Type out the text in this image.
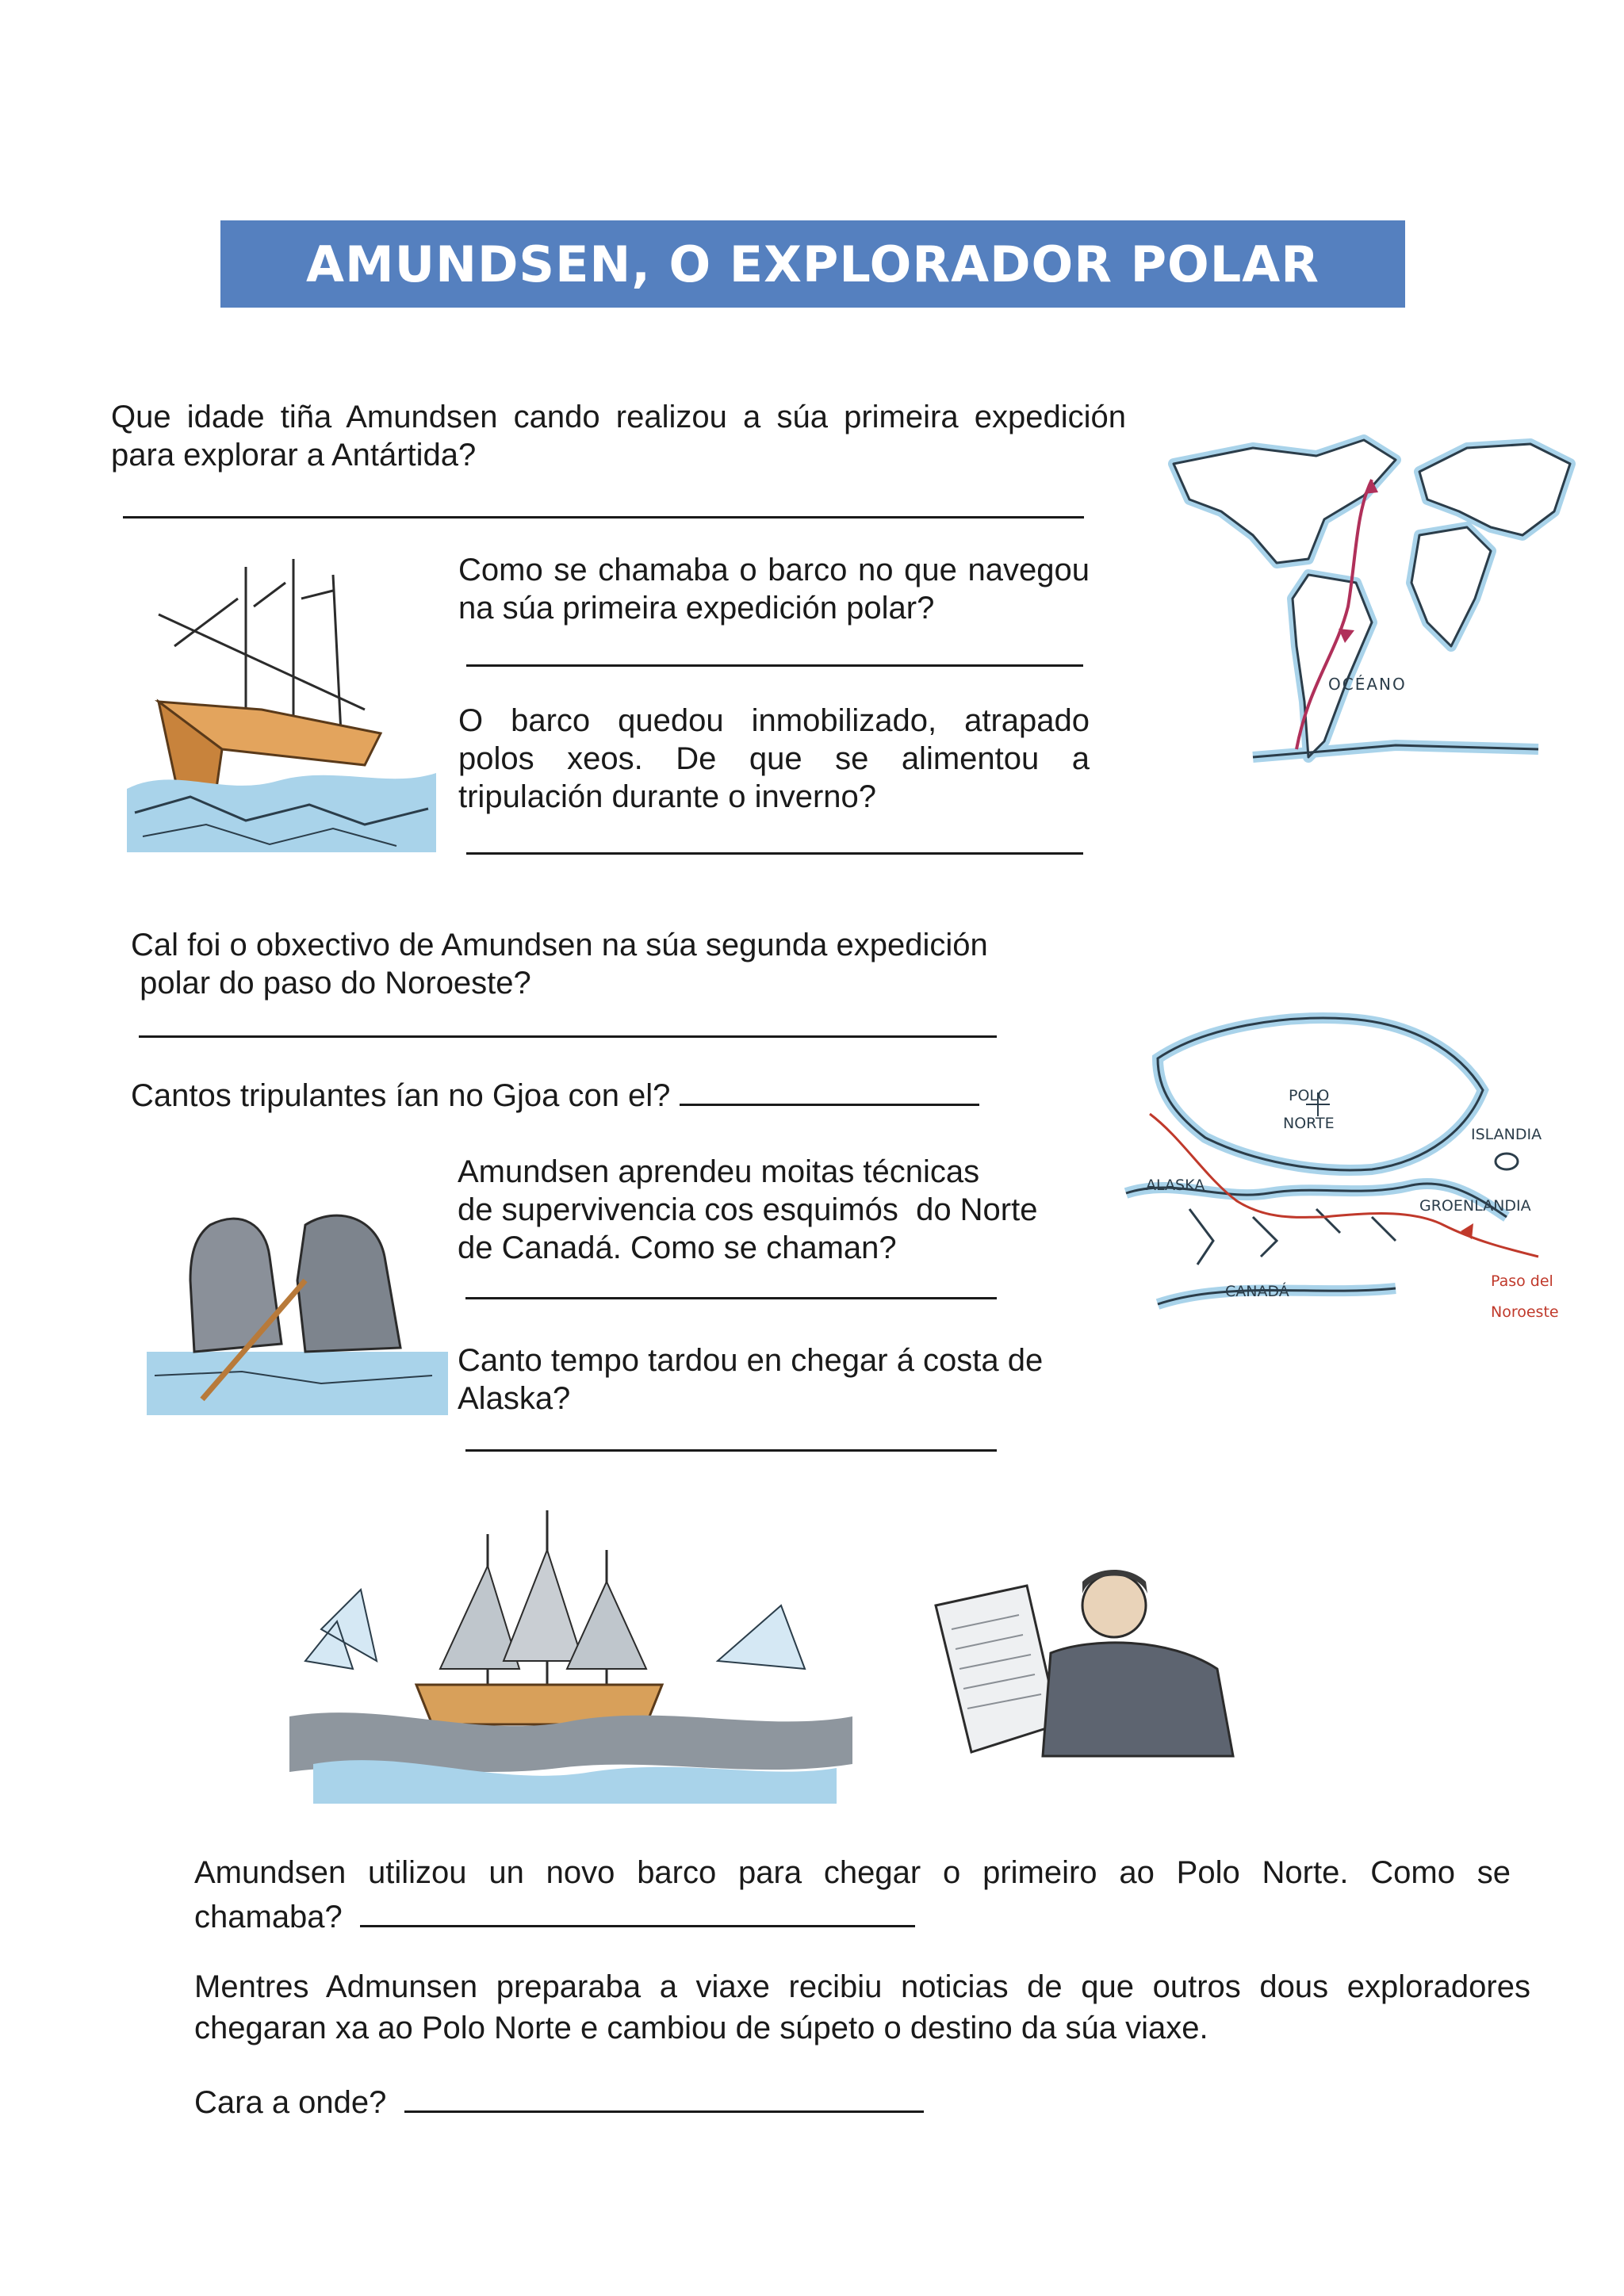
AMUNDSEN, O EXPLORADOR POLAR

Que idade tiña Amundsen cando realizou a súa primeira expedición

para explorar a Antártida?

OCÉANO

Como se chamaba o barco no que navegou na súa primeira expedición polar?

O barco quedou inmobilizado, atrapado polos xeos. De que se alimentou a tripulación durante o inverno?

Cal foi o obxectivo de Amundsen na súa segunda expedición

polar do paso do Noroeste?

Cantos tripulantes ían no Gjoa con el?	POLO
NORTE
ISLANDIA
ALASKA
GROENLANDIA
CANADÁ
Paso del
Noroeste

Amundsen aprendeu moitas técnicas

de supervivencia cos esquimós  do Norte

de Canadá. Como se chaman?

Canto tempo tardou en chegar á costa de

Alaska?

Amundsen utilizou un novo barco para chegar o primeiro ao Polo Norte. Como se

chamaba?

Mentres Admunsen preparaba a viaxe recibiu noticias de que outros dous exploradores

chegaran xa ao Polo Norte e cambiou de súpeto o destino da súa viaxe.

Cara a onde?
